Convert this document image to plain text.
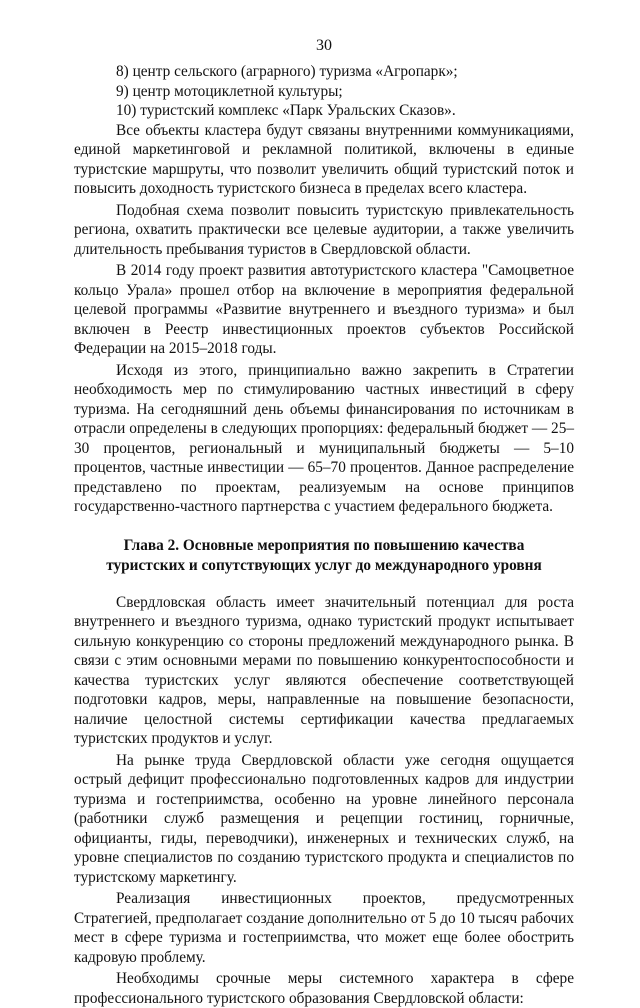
30

8) центр сельского (аграрного) туризма «Агропарк»;

9) центр мотоциклетной культуры;

10) туристский комплекс «Парк Уральских Сказов».

Все объекты кластера будут связаны внутренними коммуникациями, единой маркетинговой и рекламной политикой, включены в единые туристские маршруты, что позволит увеличить общий туристский поток и повысить доходность туристского бизнеса в пределах всего кластера.

Подобная схема позволит повысить туристскую привлекательность региона, охватить практически все целевые аудитории, а также увеличить длительность пребывания туристов в Свердловской области.

В 2014 году проект развития автотуристского кластера "Самоцветное кольцо Урала» прошел отбор на включение в мероприятия федеральной целевой программы «Развитие внутреннего и въездного туризма» и был включен в Реестр инвестиционных проектов субъектов Российской Федерации на 2015–2018 годы.

Исходя из этого, принципиально важно закрепить в Стратегии необходимость мер по стимулированию частных инвестиций в сферу туризма. На сегодняшний день объемы финансирования по источникам в отрасли определены в следующих пропорциях: федеральный бюджет — 25–30 процентов, региональный и муниципальный бюджеты — 5–10 процентов, частные инвестиции — 65–70 процентов. Данное распределение представлено по проектам, реализуемым на основе принципов государственно-частного партнерства с участием федерального бюджета.

Глава 2. Основные мероприятия по повышению качества
туристских и сопутствующих услуг до международного уровня

Свердловская область имеет значительный потенциал для роста внутреннего и въездного туризма, однако туристский продукт испытывает сильную конкуренцию со стороны предложений международного рынка. В связи с этим основными мерами по повышению конкурентоспособности и качества туристских услуг являются обеспечение соответствующей подготовки кадров, меры, направленные на повышение безопасности, наличие целостной системы сертификации качества предлагаемых туристских продуктов и услуг.

На рынке труда Свердловской области уже сегодня ощущается острый дефицит профессионально подготовленных кадров для индустрии туризма и гостеприимства, особенно на уровне линейного персонала (работники служб размещения и рецепции гостиниц, горничные, официанты, гиды, переводчики), инженерных и технических служб, на уровне специалистов по созданию туристского продукта и специалистов по туристскому маркетингу.

Реализация инвестиционных проектов, предусмотренных Стратегией, предполагает создание дополнительно от 5 до 10 тысяч рабочих мест в сфере туризма и гостеприимства, что может еще более обострить кадровую проблему.

Необходимы срочные меры системного характера в сфере профессионального туристского образования Свердловской области:
